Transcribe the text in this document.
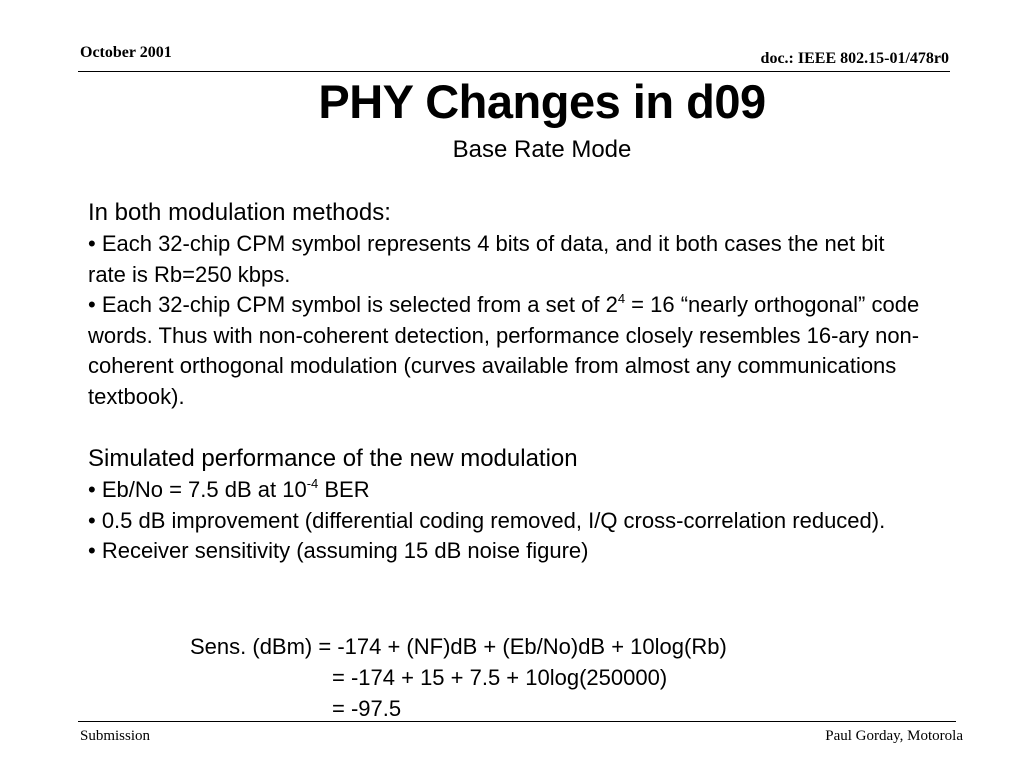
October 2001	doc.: IEEE 802.15-01/478r0
PHY Changes in d09
Base Rate Mode

In both modulation methods:

• Each 32-chip CPM symbol represents 4 bits of data, and it both cases the net bit rate is Rb=250 kbps.

• Each 32-chip CPM symbol is selected from a set of $2^4 = 16$ “nearly orthogonal” code words. Thus with non-coherent detection, performance closely resembles 16-ary non-coherent orthogonal modulation (curves available from almost any communications textbook).

Simulated performance of the new modulation

• Eb/No = 7.5 dB at $10^{-4}$ BER

• 0.5 dB improvement (differential coding removed, I/Q cross-correlation reduced).

• Receiver sensitivity (assuming 15 dB noise figure)

Sens. (dBm) = -174 + (NF)dB + (Eb/No)dB + 10log(Rb)
= -174 + 15 + 7.5 + 10log(250000)
= -97.5
Submission	Paul Gorday, Motorola
